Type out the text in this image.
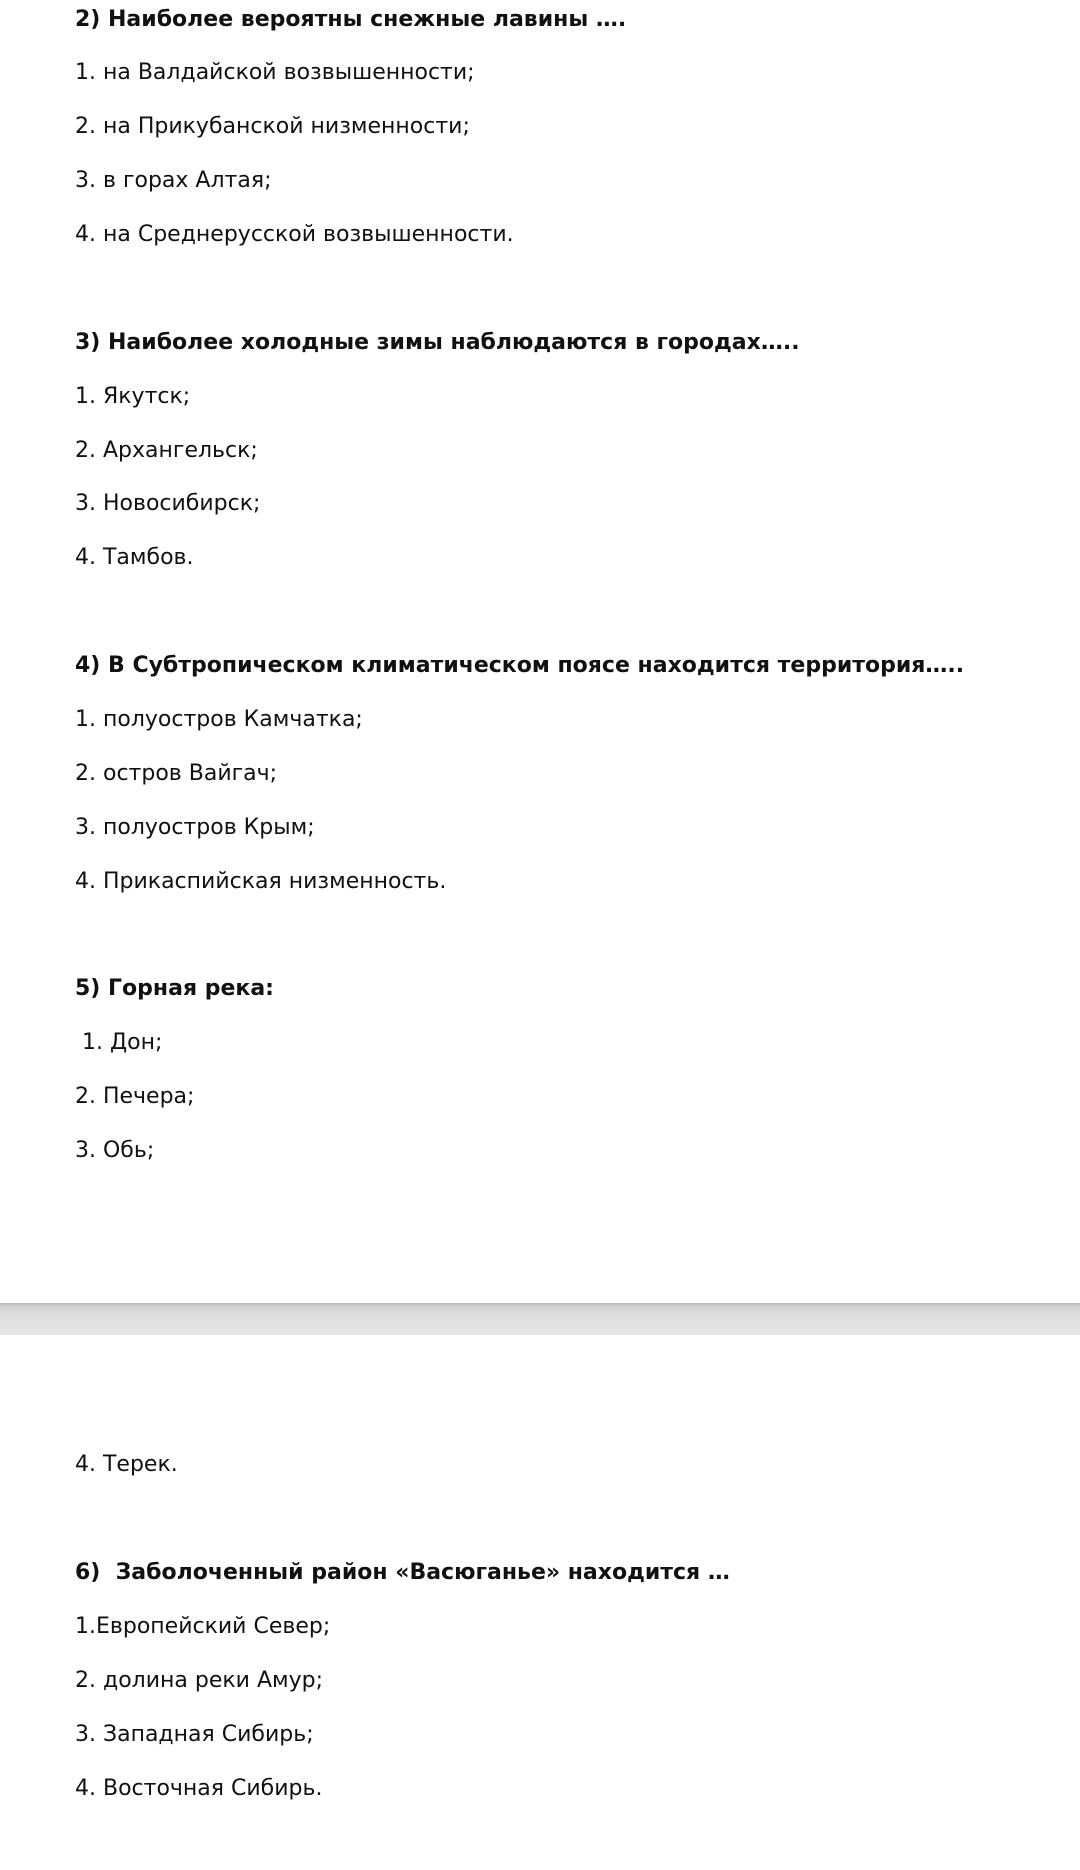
2) Наиболее вероятны снежные лавины ….

1. на Валдайской возвышенности;

2. на Прикубанской низменности;

3. в горах Алтая;

4. на Среднерусской возвышенности.

3) Наиболее холодные зимы наблюдаются в городах…..

1. Якутск;

2. Архангельск;

3. Новосибирск;

4. Тамбов.

4) В Субтропическом климатическом поясе находится территория…..

1. полуостров Камчатка;

2. остров Вайгач;

3. полуостров Крым;

4. Прикаспийская низменность.

5) Горная река:

1. Дон;

2. Печера;

3. Обь;

4. Терек.

6)  Заболоченный район «Васюганье» находится …

1.Европейский Север;

2. долина реки Амур;

3. Западная Сибирь;

4. Восточная Сибирь.
